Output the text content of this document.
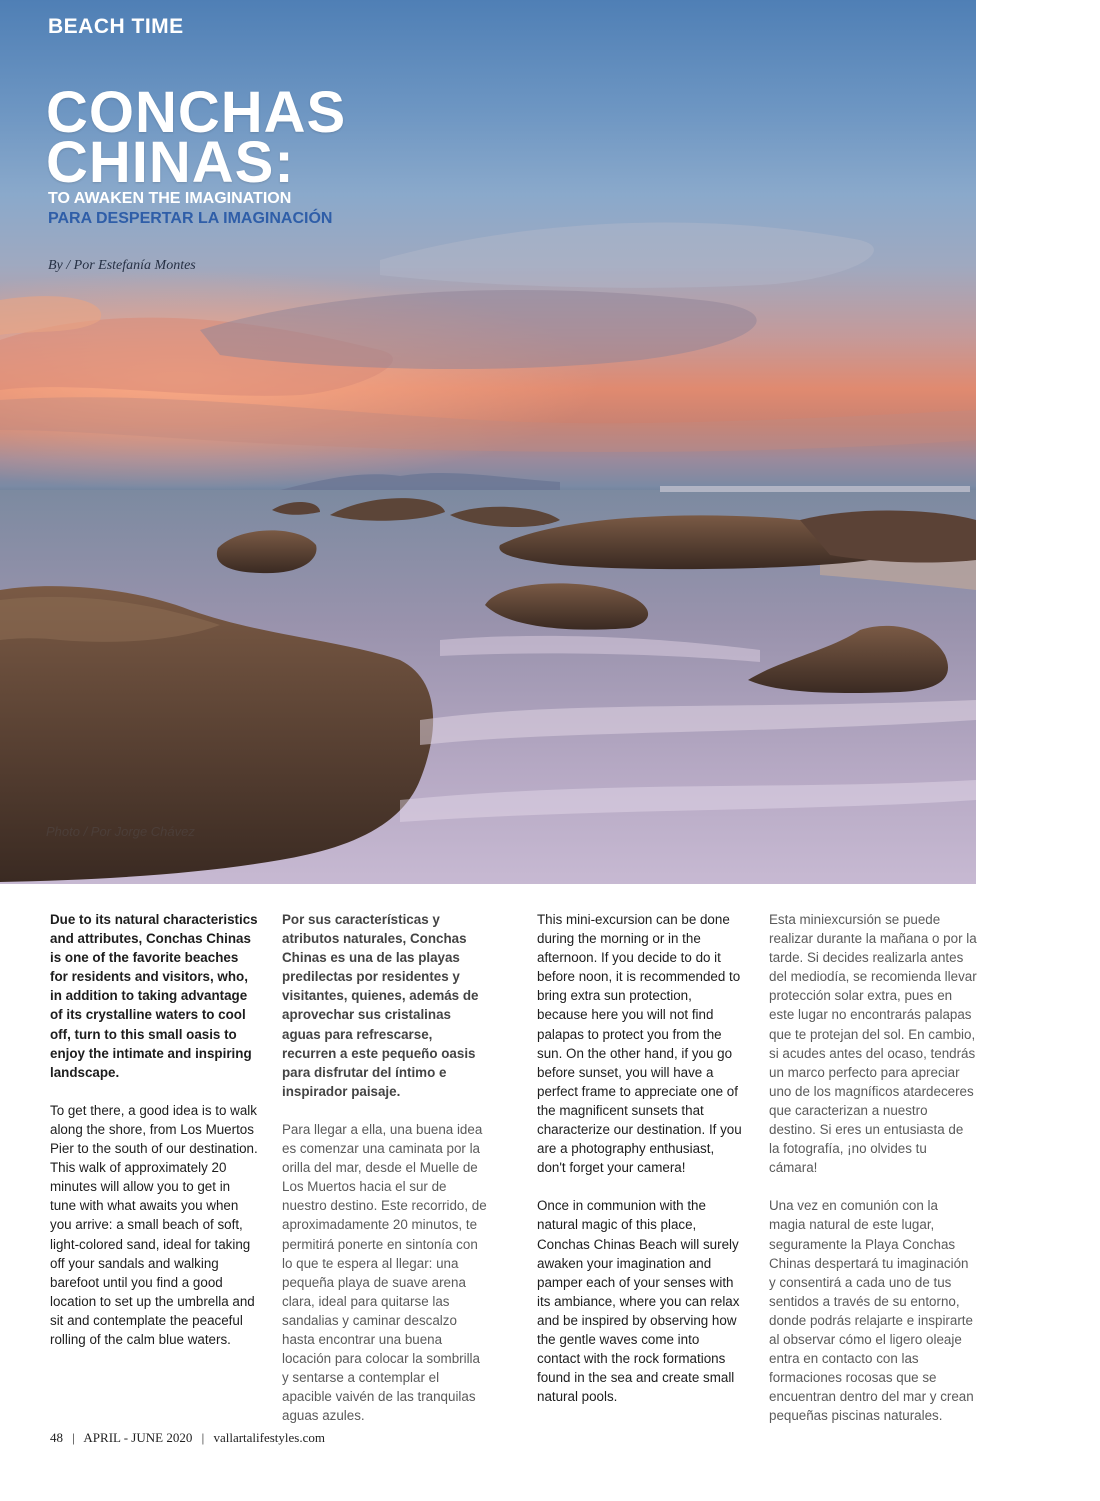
BEACH TIME
CONCHAS
CHINAS:
TO AWAKEN THE IMAGINATION
PARA DESPERTAR LA IMAGINACIÓN
By / Por Estefanía Montes
Photo / Por Jorge Chávez

Due to its natural characteristics and attributes, Conchas Chinas is one of the favorite beaches for residents and visitors, who, in addition to taking advantage of its crystalline waters to cool off, turn to this small oasis to enjoy the intimate and inspiring landscape.

To get there, a good idea is to walk along the shore, from Los Muertos Pier to the south of our destination. This walk of approximately 20 minutes will allow you to get in tune with what awaits you when you arrive: a small beach of soft, light-colored sand, ideal for taking off your sandals and walking barefoot until you find a good location to set up the umbrella and sit and contemplate the peaceful rolling of the calm blue waters.

Por sus características y atributos naturales, Conchas Chinas es una de las playas predilectas por residentes y visitantes, quienes, además de aprovechar sus cristalinas aguas para refrescarse, recurren a este pequeño oasis para disfrutar del íntimo e inspirador paisaje.

Para llegar a ella, una buena idea es comenzar una caminata por la orilla del mar, desde el Muelle de Los Muertos hacia el sur de nuestro destino. Este recorrido, de aproximadamente 20 minutos, te permitirá ponerte en sintonía con lo que te espera al llegar: una pequeña playa de suave arena clara, ideal para quitarse las sandalias y caminar descalzo hasta encontrar una buena locación para colocar la sombrilla y sentarse a contemplar el apacible vaivén de las tranquilas aguas azules.

This mini-excursion can be done during the morning or in the afternoon. If you decide to do it before noon, it is recommended to bring extra sun protection, because here you will not find palapas to protect you from the sun. On the other hand, if you go before sunset, you will have a perfect frame to appreciate one of the magnificent sunsets that characterize our destination. If you are a photography enthusiast, don't forget your camera!

Once in communion with the natural magic of this place, Conchas Chinas Beach will surely awaken your imagination and pamper each of your senses with its ambiance, where you can relax and be inspired by observing how the gentle waves come into contact with the rock formations found in the sea and create small natural pools.

Esta miniexcursión se puede realizar durante la mañana o por la tarde. Si decides realizarla antes del mediodía, se recomienda llevar protección solar extra, pues en este lugar no encontrarás palapas que te protejan del sol. En cambio, si acudes antes del ocaso, tendrás un marco perfecto para apreciar uno de los magníficos atardeceres que caracterizan a nuestro destino. Si eres un entusiasta de la fotografía, ¡no olvides tu cámara!

Una vez en comunión con la magia natural de este lugar, seguramente la Playa Conchas Chinas despertará tu imaginación y consentirá a cada uno de tus sentidos a través de su entorno, donde podrás relajarte e inspirarte al observar cómo el ligero oleaje entra en contacto con las formaciones rocosas que se encuentran dentro del mar y crean pequeñas piscinas naturales.

48 | APRIL - JUNE 2020 | vallartalifestyles.com
